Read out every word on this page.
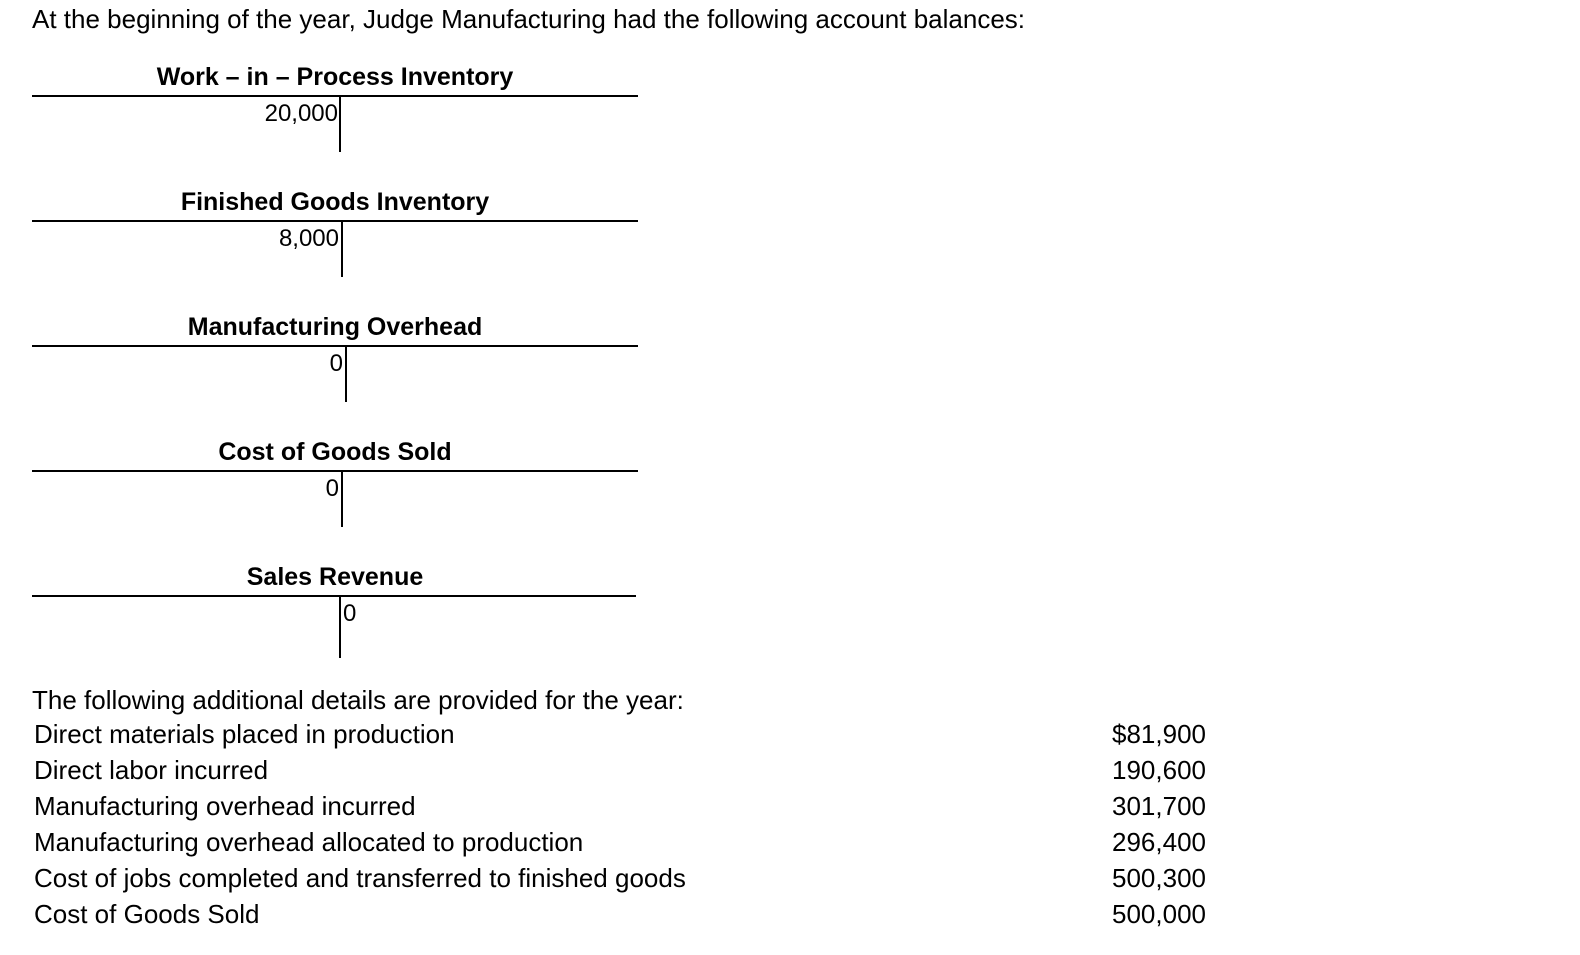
At the beginning of the year, Judge Manufacturing had the following account balances:
Work – in – Process Inventory
20,000
Finished Goods Inventory
8,000
Manufacturing Overhead
0
Cost of Goods Sold
0
Sales Revenue
0
The following additional details are provided for the year:
Direct materials placed in production	$81,900
Direct labor incurred	190,600
Manufacturing overhead incurred	301,700
Manufacturing overhead allocated to production	296,400
Cost of jobs completed and transferred to finished goods	500,300
Cost of Goods Sold	500,000
